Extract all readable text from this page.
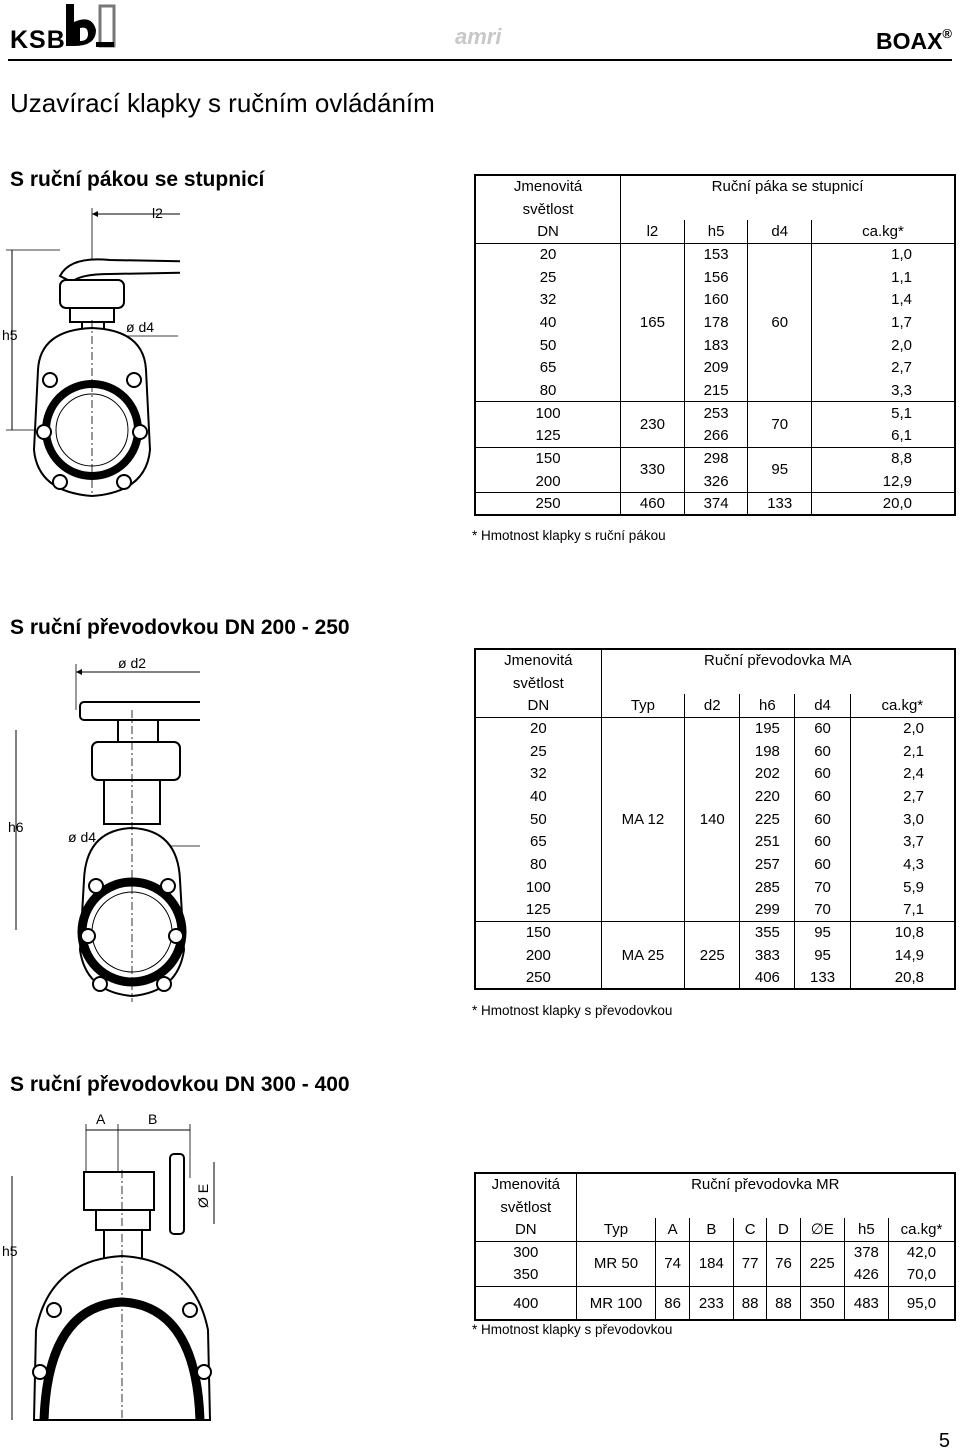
KSB	amri	BOAX®
Uzavírací klapky s ručním ovládáním
S ruční pákou se stupnicí
l2
h5	ø d4
Jmenovitá	Ruční páka se stupnicí			
světlost				
DN	l2	h5	d4	ca.kg*
20	165	153	60	1,0
25		156		1,1
32		160		1,4
40		178		1,7
50		183		2,0
65		209		2,7
80		215		3,3
100	230	253	70	5,1
125		266		6,1
150	330	298	95	8,8
200		326		12,9
250	460	374	133	20,0
* Hmotnost klapky s ruční pákou
S ruční převodovkou DN 200 - 250
ø d2
h6
ø d4
Jmenovitá	Ruční převodovka MA				
světlost					
DN	Typ	d2	h6	d4	ca.kg*
20	MA 12	140	195	60	2,0
25			198	60	2,1
32			202	60	2,4
40			220	60	2,7
50			225	60	3,0
65			251	60	3,7
80			257	60	4,3
100			285	70	5,9
125			299	70	7,1
150	MA 25	225	355	95	10,8
200			383	95	14,9
250			406	133	20,8
* Hmotnost klapky s převodovkou
S ruční převodovkou DN 300 - 400
A	B
Ø E
h5
Jmenovitá	Ruční převodovka MR							
světlost								
DN	Typ	A	B	C	D	∅E	h5	ca.kg*
300	MR 50	74	184	77	76	225	378	42,0
350							426	70,0
400	MR 100	86	233	88	88	350	483	95,0
* Hmotnost klapky s převodovkou
5
